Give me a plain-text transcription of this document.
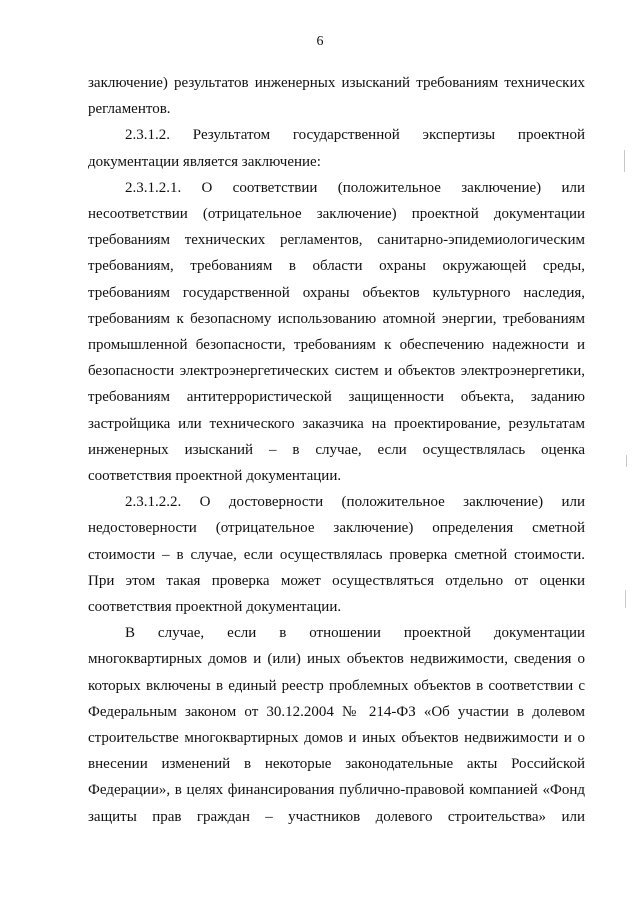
6

заключение) результатов инженерных изысканий требованиям технических
регламентов.

2.3.1.2. Результатом государственной экспертизы проектной
документации является заключение:

2.3.1.2.1. О соответствии (положительное заключение) или
несоответствии (отрицательное заключение) проектной документации
требованиям технических регламентов, санитарно-эпидемиологическим
требованиям, требованиям в области охраны окружающей среды,
требованиям государственной охраны объектов культурного наследия,
требованиям к безопасному использованию атомной энергии, требованиям
промышленной безопасности, требованиям к обеспечению надежности и
безопасности электроэнергетических систем и объектов электроэнергетики,
требованиям антитеррористической защищенности объекта, заданию
застройщика или технического заказчика на проектирование, результатам
инженерных изысканий – в случае, если осуществлялась оценка
соответствия проектной документации.

2.3.1.2.2. О достоверности (положительное заключение) или
недостоверности (отрицательное заключение) определения сметной
стоимости – в случае, если осуществлялась проверка сметной стоимости.
При этом такая проверка может осуществляться отдельно от оценки
соответствия проектной документации.

В случае, если в отношении проектной документации
многоквартирных домов и (или) иных объектов недвижимости, сведения о
которых включены в единый реестр проблемных объектов в соответствии с
Федеральным законом от 30.12.2004 № 214-ФЗ «Об участии в долевом
строительстве многоквартирных домов и иных объектов недвижимости и о
внесении изменений в некоторые законодательные акты Российской
Федерации», в целях финансирования публично-правовой компанией «Фонд
защиты прав граждан – участников долевого строительства» или
